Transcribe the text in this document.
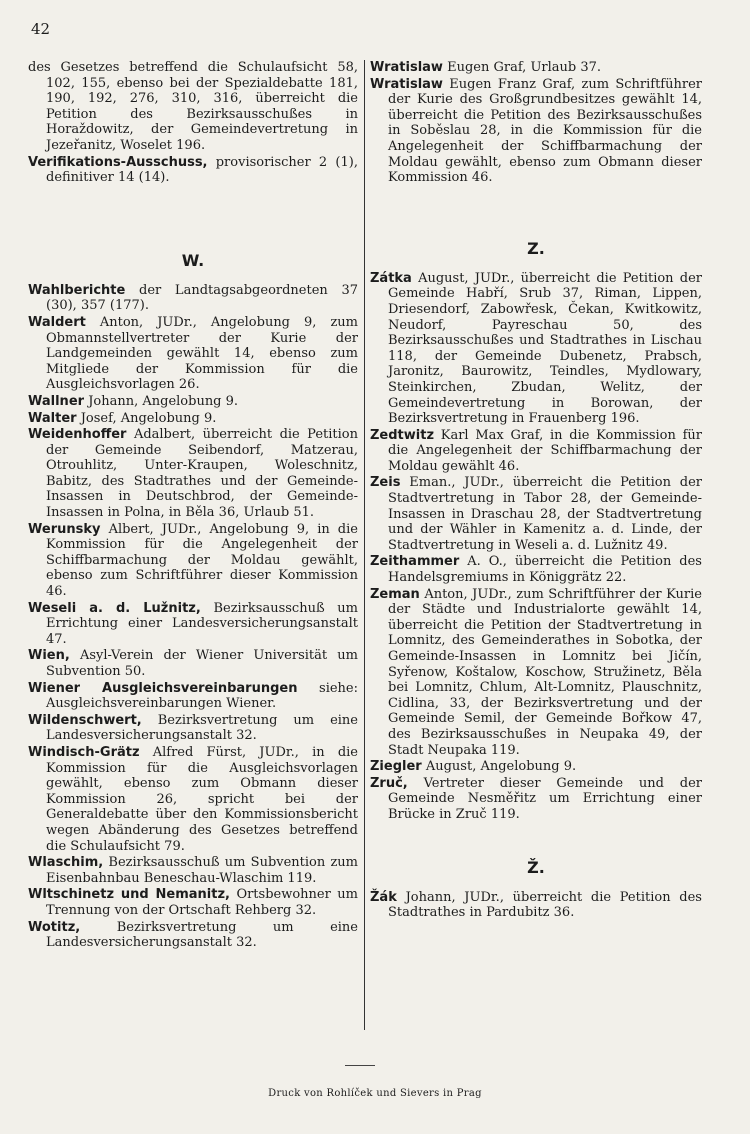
42

des Gesetzes betreffend die Schulaufsicht 58, 102, 155, ebenso bei der Spezialdebatte 181, 190, 192, 276, 310, 316, überreicht die Petition des Bezirksausschußes in Horaždowitz, der Gemeindevertretung in Jezeřanitz, Woselet 196.

Verifikations-Ausschuss, provisorischer 2 (1), definitiver 14 (14).

W.

Wahlberichte der Landtagsabgeordneten 37 (30), 357 (177).

Waldert Anton, JUDr., Angelobung 9, zum Obmannstellvertreter der Kurie der Landgemeinden gewählt 14, ebenso zum Mitgliede der Kommission für die Ausgleichsvorlagen 26.

Wallner Johann, Angelobung 9.

Walter Josef, Angelobung 9.

Weidenhoffer Adalbert, überreicht die Petition der Gemeinde Seibendorf, Matzerau, Otrouhlitz, Unter-Kraupen, Woleschnitz, Babitz, des Stadtrathes und der Gemeinde-Insassen in Deutschbrod, der Gemeinde-Insassen in Polna, in Běla 36, Urlaub 51.

Werunsky Albert, JUDr., Angelobung 9, in die Kommission für die Angelegenheit der Schiffbarmachung der Moldau gewählt, ebenso zum Schriftführer dieser Kommission 46.

Weseli a. d. Lužnitz, Bezirksausschuß um Errichtung einer Landesversicherungsanstalt 47.

Wien, Asyl-Verein der Wiener Universität um Subvention 50.

Wiener Ausgleichsvereinbarungen siehe: Ausgleichsvereinbarungen Wiener.

Wildenschwert, Bezirksvertretung um eine Landesversicherungsanstalt 32.

Windisch-Grätz Alfred Fürst, JUDr., in die Kommission für die Ausgleichsvorlagen gewählt, ebenso zum Obmann dieser Kommission 26, spricht bei der Generaldebatte über den Kommissionsbericht wegen Abänderung des Gesetzes betreffend die Schulaufsicht 79.

Wlaschim, Bezirksausschuß um Subvention zum Eisenbahnbau Beneschau-Wlaschim 119.

Wltschinetz und Nemanitz, Ortsbewohner um Trennung von der Ortschaft Rehberg 32.

Wotitz,	Bezirksvertretung um eine Landesversicherungsanstalt 32.

Wratislaw Eugen Graf, Urlaub 37.

Wratislaw Eugen Franz Graf, zum Schriftführer der Kurie des Großgrundbesitzes gewählt 14, überreicht die Petition des Bezirksausschußes in Soběslau 28, in die Kommission für die Angelegenheit der Schiffbarmachung der Moldau gewählt, ebenso zum Obmann dieser Kommission 46.

Z.

Zátka August, JUDr., überreicht die Petition der Gemeinde Habří, Srub 37, Riman, Lippen, Driesendorf, Zabowřesk, Čekan, Kwitkowitz, Neudorf, Payreschau 50, des Bezirksausschußes und Stadtrathes in Lischau 118, der Gemeinde Dubenetz, Prabsch, Jaronitz, Baurowitz, Teindles, Mydlowary, Steinkirchen, Zbudan, Welitz, der Gemeindevertretung in Borowan, der Bezirksvertretung in Frauenberg 196.

Zedtwitz Karl Max Graf, in die Kommission für die Angelegenheit der Schiffbarmachung der Moldau gewählt 46.

Zeis Eman., JUDr., überreicht die Petition der Stadtvertretung in Tabor 28, der Gemeinde-Insassen in Draschau 28, der Stadtvertretung und der Wähler in Kamenitz a. d. Linde, der Stadtvertretung in Weseli a. d. Lužnitz 49.

Zeithammer A. O., überreicht die Petition des Handelsgremiums in Königgrätz 22.

Zeman Anton, JUDr., zum Schriftführer der Kurie der Städte und Industrialorte gewählt 14, überreicht die Petition der Stadtvertretung in Lomnitz, des Gemeinderathes in Sobotka, der Gemeinde-Insassen in Lomnitz bei Jičín, Syřenow, Koštalow, Koschow, Stružinetz, Běla bei Lomnitz, Chlum, Alt-Lomnitz, Plauschnitz, Cidlina, 33, der Bezirksvertretung und der Gemeinde Semil, der Gemeinde Bořkow 47, des Bezirksausschußes in Neupaka 49, der Stadt Neupaka 119.

Ziegler August, Angelobung 9.

Zruč, Vertreter dieser Gemeinde und der Gemeinde Nesměřitz um Errichtung einer Brücke in Zruč 119.

Ž.

Žák Johann, JUDr., überreicht die Petition des Stadtrathes in Pardubitz 36.

Druck von Rohlíček und Sievers in Prag
